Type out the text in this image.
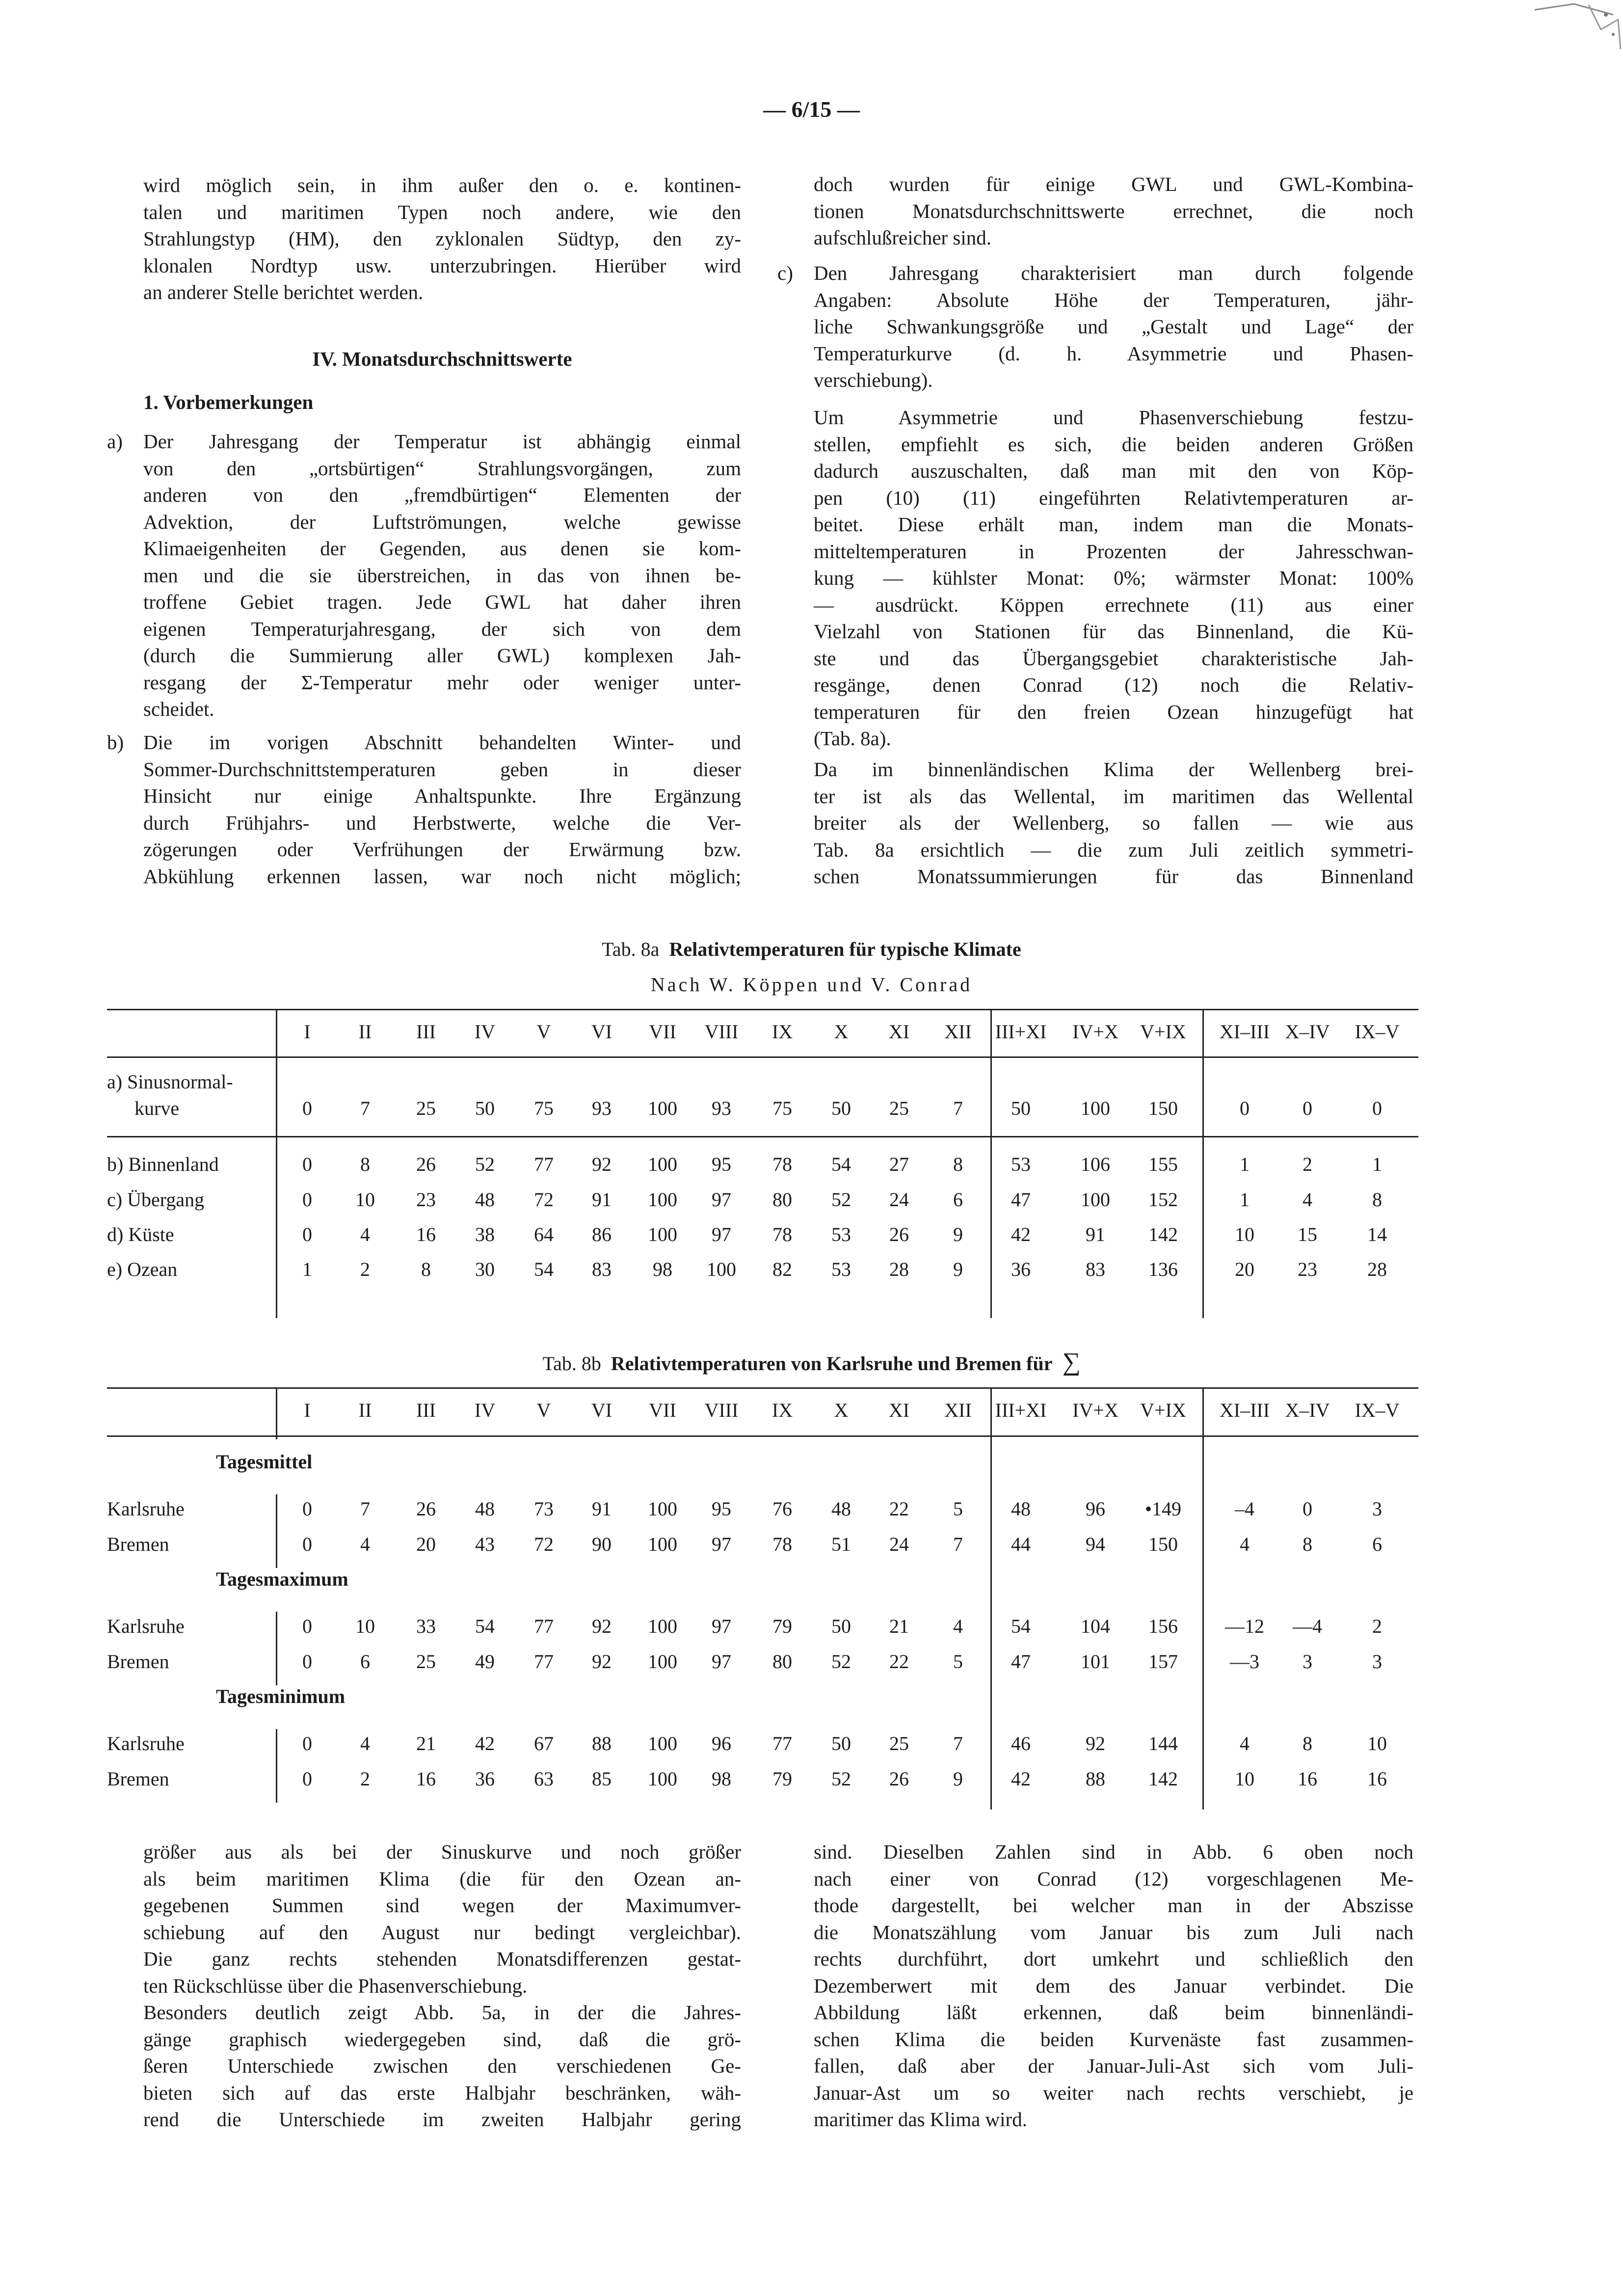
— 6/15 —

wird möglich sein, in ihm außer den o. e. kontinen-

talen und maritimen Typen noch andere, wie den

Strahlungstyp (HM), den zyklonalen Südtyp, den zy-

klonalen Nordtyp usw. unterzubringen. Hierüber wird

an anderer Stelle berichtet werden.

IV. Monatsdurchschnittswerte
1. Vorbemerkungen
a) Der Jahresgang der Temperatur ist abhängig einmal

von den „ortsbürtigen“ Strahlungsvorgängen, zum

anderen von den „fremdbürtigen“ Elementen der

Advektion, der Luftströmungen, welche gewisse

Klimaeigenheiten der Gegenden, aus denen sie kom-

men und die sie überstreichen, in das von ihnen be-

troffene Gebiet tragen. Jede GWL hat daher ihren

eigenen Temperaturjahresgang, der sich von dem

(durch die Summierung aller GWL) komplexen Jah-

resgang der Σ-Temperatur mehr oder weniger unter-

scheidet.

b) Die im vorigen Abschnitt behandelten Winter- und

Sommer-Durchschnittstemperaturen geben in dieser

Hinsicht nur einige Anhaltspunkte. Ihre Ergänzung

durch Frühjahrs- und Herbstwerte, welche die Ver-

zögerungen oder Verfrühungen der Erwärmung bzw.

Abkühlung erkennen lassen, war noch nicht möglich;

doch wurden für einige GWL und GWL-Kombina-

tionen Monatsdurchschnittswerte errechnet, die noch

aufschlußreicher sind.

c) Den Jahresgang charakterisiert man durch folgende

Angaben: Absolute Höhe der Temperaturen, jähr-

liche Schwankungsgröße und „Gestalt und Lage“ der

Temperaturkurve (d. h. Asymmetrie und Phasen-

verschiebung).

Um Asymmetrie und Phasenverschiebung festzu-

stellen, empfiehlt es sich, die beiden anderen Größen

dadurch auszuschalten, daß man mit den von Köp-

pen (10) (11) eingeführten Relativtemperaturen ar-

beitet. Diese erhält man, indem man die Monats-

mitteltemperaturen in Prozenten der Jahresschwan-

kung — kühlster Monat: 0%; wärmster Monat: 100%

— ausdrückt. Köppen errechnete (11) aus einer

Vielzahl von Stationen für das Binnenland, die Kü-

ste und das Übergangsgebiet charakteristische Jah-

resgänge, denen Conrad (12) noch die Relativ-

temperaturen für den freien Ozean hinzugefügt hat

(Tab. 8a).

Da im binnenländischen Klima der Wellenberg brei-

ter ist als das Wellental, im maritimen das Wellental

breiter als der Wellenberg, so fallen — wie aus

Tab. 8a ersichtlich — die zum Juli zeitlich symmetri-

schen Monatssummierungen für das Binnenland

Tab. 8a Relativtemperaturen für typische Klimate
Nach W. Köppen und V. Conrad
I	II	III	IV	V	VI	VII	VIII	IX	X	XI	XII	III+XI IV+X V+IX XI–III X–IV IX–V
a) Sinusnormal-
kurve	0	7	25	50	75	93	100	93	75	50	25	7	50	100	150	0	0	0
b) Binnenland	0	8	26	52	77	92	100	95	78	54	27	8	53	106	155	1	2	1
c) Übergang	0	10	23	48	72	91	100	97	80	52	24	6	47	100	152	1	4	8
d) Küste	0	4	16	38	64	86	100	97	78	53	26	9	42	91	142	10	15	14
e) Ozean	1	2	8	30	54	83	98	100	82	53	28	9	36	83	136	20	23	28
Tab. 8b Relativtemperaturen von Karlsruhe und Bremen für ∑
I	II	III	IV	V	VI	VII	VIII	IX	X	XI	XII	III+XI IV+X V+IX XI–III X–IV IX–V
Tagesmittel
Karlsruhe	0	7	26	48	73	91	100	95	76	48	22	5	48	96	•149	–4	0	3
Bremen	0	4	20	43	72	90	100	97	78	51	24	7	44	94	150	4	8	6
Tagesmaximum
Karlsruhe	0	10	33	54	77	92	100	97	79	50	21	4	54	104	156	—12	—4	2
Bremen	0	6	25	49	77	92	100	97	80	52	22	5	47	101	157	—3	3	3
Tagesminimum
Karlsruhe	0	4	21	42	67	88	100	96	77	50	25	7	46	92	144	4	8	10
Bremen	0	2	16	36	63	85	100	98	79	52	26	9	42	88	142	10	16	16

größer aus als bei der Sinuskurve und noch größer

als beim maritimen Klima (die für den Ozean an-

gegebenen Summen sind wegen der Maximumver-

schiebung auf den August nur bedingt vergleichbar).

Die ganz rechts stehenden Monatsdifferenzen gestat-

ten Rückschlüsse über die Phasenverschiebung.

Besonders deutlich zeigt Abb. 5a, in der die Jahres-

gänge graphisch wiedergegeben sind, daß die grö-

ßeren Unterschiede zwischen den verschiedenen Ge-

bieten sich auf das erste Halbjahr beschränken, wäh-

rend die Unterschiede im zweiten Halbjahr gering

sind. Dieselben Zahlen sind in Abb. 6 oben noch

nach einer von Conrad (12) vorgeschlagenen Me-

thode dargestellt, bei welcher man in der Abszisse

die Monatszählung vom Januar bis zum Juli nach

rechts durchführt, dort umkehrt und schließlich den

Dezemberwert mit dem des Januar verbindet. Die

Abbildung läßt erkennen, daß beim binnenländi-

schen Klima die beiden Kurvenäste fast zusammen-

fallen, daß aber der Januar-Juli-Ast sich vom Juli-

Januar-Ast um so weiter nach rechts verschiebt, je

maritimer das Klima wird.
